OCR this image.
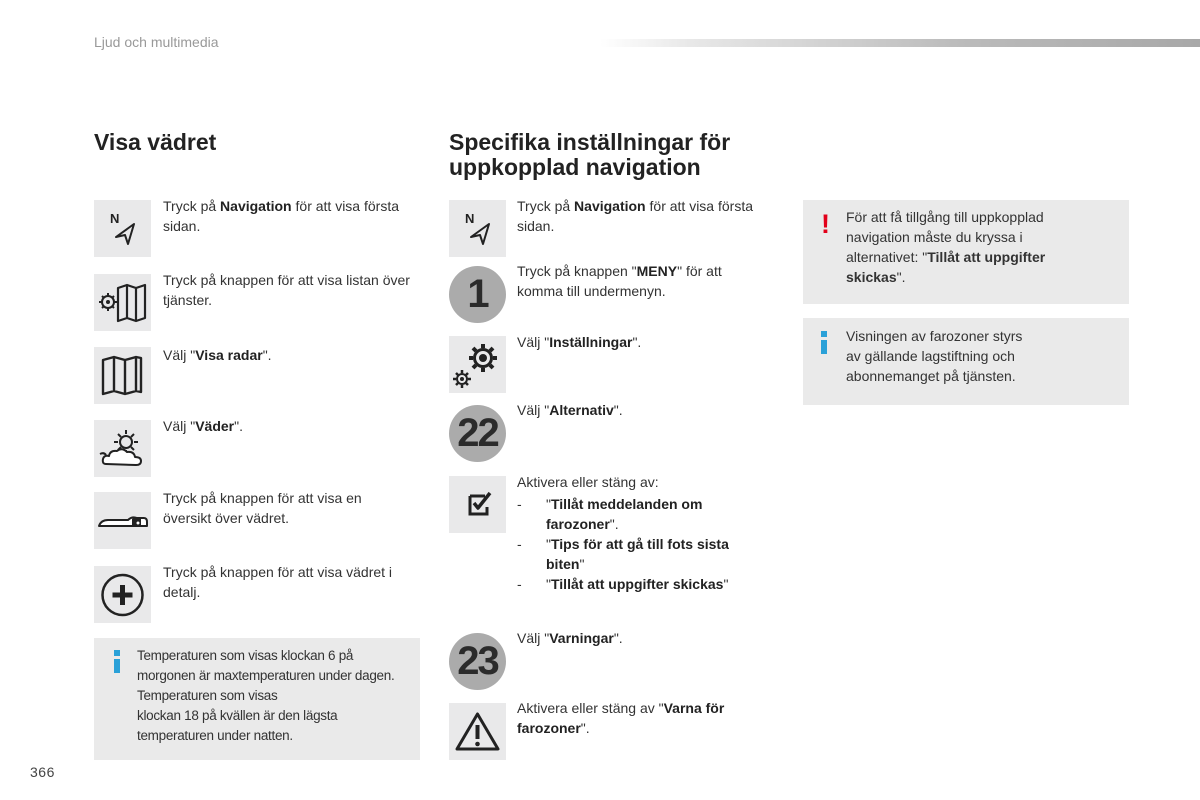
Ljud och multimedia
Visa vädret
N
Tryck på Navigation för att visa första sidan.
Tryck på knappen för att visa listan över tjänster.
Välj "Visa radar".
Välj "Väder".
Tryck på knappen för att visa en översikt över vädret.
Tryck på knappen för att visa vädret i detalj.
Temperaturen som visas klockan 6 på
morgonen är maxtemperaturen under dagen.
Temperaturen som visas
klockan 18 på kvällen är den lägsta
temperaturen under natten.
Specifika inställningar för
uppkopplad navigation
N
Tryck på Navigation för att visa första sidan.
1
Tryck på knappen "MENY" för att komma till undermenyn.
Välj "Inställningar".
22
Välj "Alternativ".
Aktivera eller stäng av:
- "Tillåt meddelanden om farozoner".
- "Tips för att gå till fots sista biten"
- "Tillåt att uppgifter skickas"
23
Välj "Varningar".
Aktivera eller stäng av "Varna för farozoner".
! För att få tillgång till uppkopplad navigation måste du kryssa i alternativet: "Tillåt att uppgifter skickas".
Visningen av farozoner styrs
av gällande lagstiftning och
abonnemanget på tjänsten.
366
